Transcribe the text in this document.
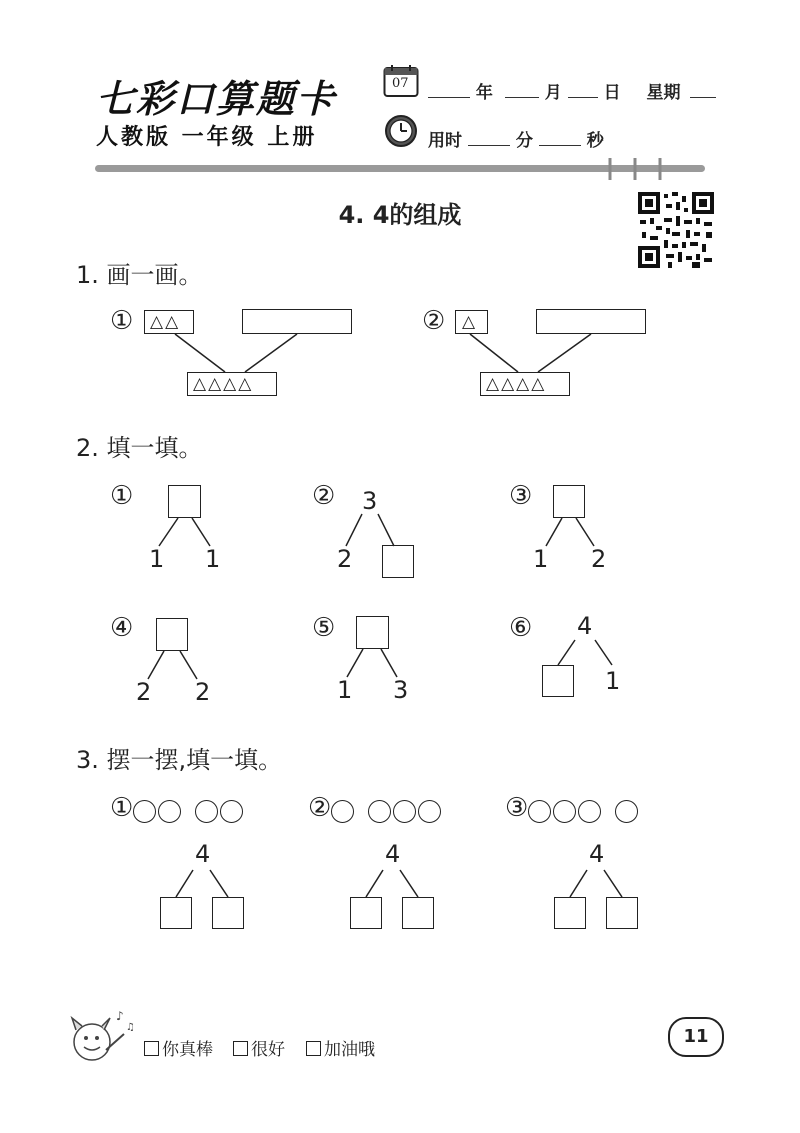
七彩口算题卡
人教版 一年级 上册
07	年	月 日 星期
用时	分	秒
4. 4的组成
1. 画一画。
① △△
△△△△
② △
△△△△
2. 填一填。
①
1 1
② 3
2
③
1 2
④
2 2
⑤
1 3
⑥ 4
1
3. 摆一摆,填一填。
①	②	③
4	4	4
♪
♫
你真棒	很好	加油哦
11
